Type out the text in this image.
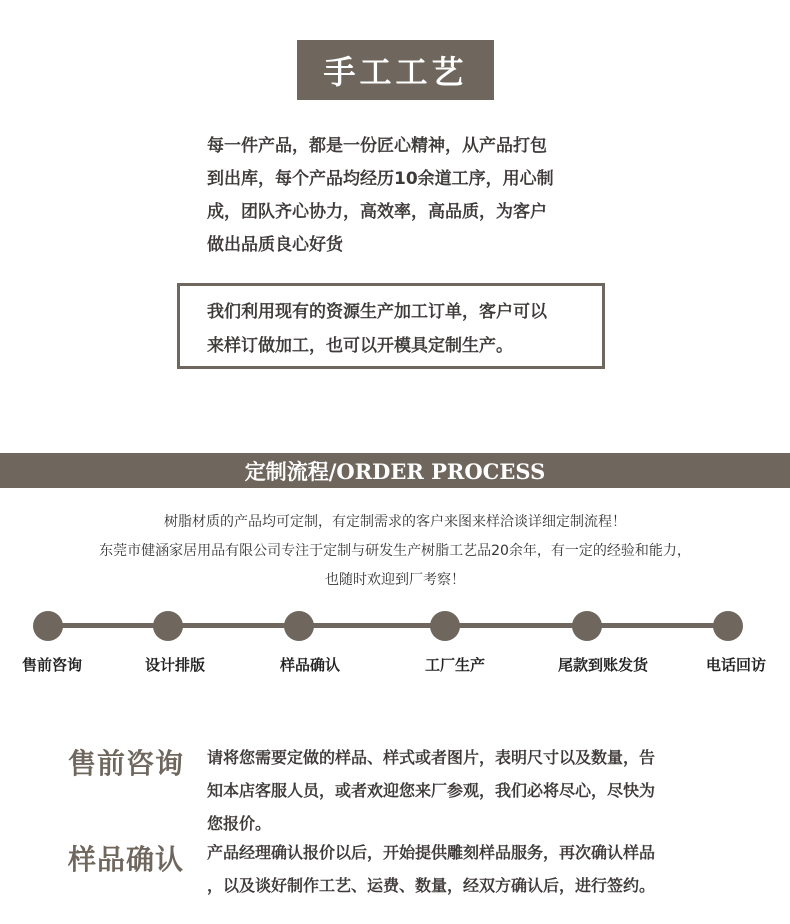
手工工艺

每一件产品，都是一份匠心精神，从产品打包

到出库，每个产品均经历10余道工序，用心制

成，团队齐心协力，高效率，高品质，为客户

做出品质良心好货

我们利用现有的资源生产加工订单，客户可以

来样订做加工，也可以开模具定制生产。

定制流程/ORDER PROCESS

树脂材质的产品均可定制，有定制需求的客户来图来样洽谈详细定制流程！

东莞市健涵家居用品有限公司专注于定制与研发生产树脂工艺品20余年，有一定的经验和能力，

也随时欢迎到厂考察！

售前咨询	设计排版	样品确认	工厂生产	尾款到账发货	电话回访
售前咨询 请将您需要定做的样品、样式或者图片，表明尺寸以及数量，告

知本店客服人员，或者欢迎您来厂参观，我们必将尽心，尽快为

您报价。

样品确认 产品经理确认报价以后，开始提供雕刻样品服务，再次确认样品

，以及谈好制作工艺、运费、数量，经双方确认后，进行签约。
